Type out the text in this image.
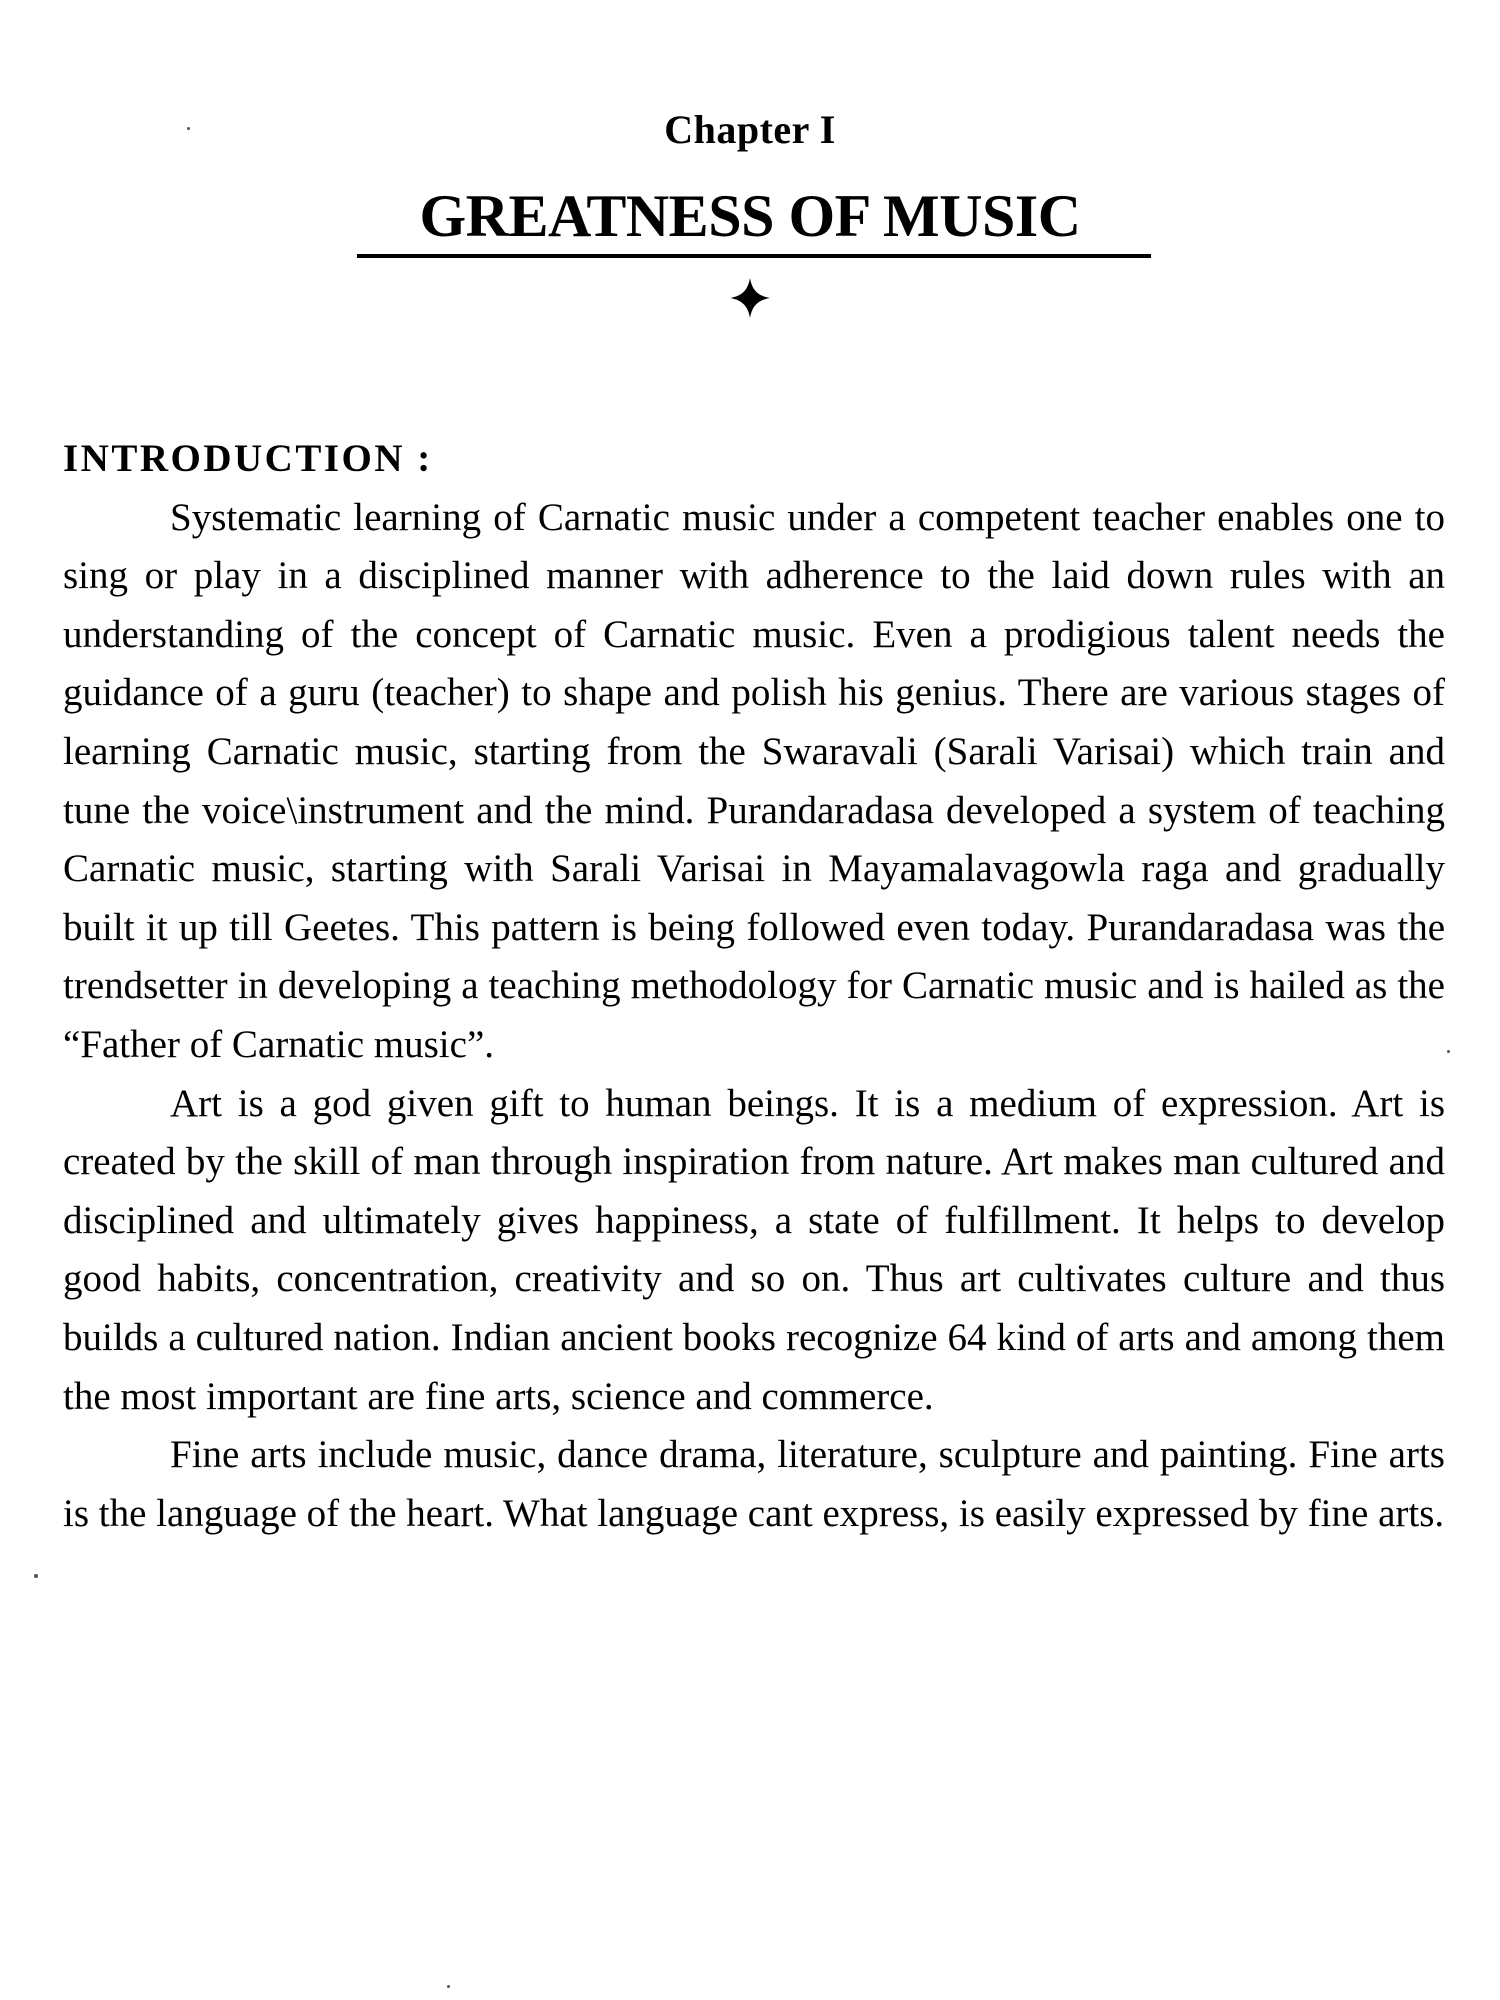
Chapter I
GREATNESS OF MUSIC
INTRODUCTION :

Systematic learning of Carnatic music under a competent teacher enables one to sing or play in a disciplined manner with adherence to the laid down rules with an understanding of the concept of Carnatic music. Even a prodigious talent needs the guidance of a guru (teacher) to shape and polish his genius. There are various stages of learning Carnatic music, starting from the Swaravali (Sarali Varisai) which train and tune the voice\instrument and the mind. Purandaradasa developed a system of teaching Carnatic music, starting with Sarali Varisai in Mayamalavagowla raga and gradually built it up till Geetes. This pattern is being followed even today. Purandaradasa was the trendsetter in developing a teaching methodology for Carnatic music and is hailed as the “Father of Carnatic music”.

Art is a god given gift to human beings. It is a medium of expression. Art is created by the skill of man through inspiration from nature. Art makes man cultured and disciplined and ultimately gives happiness, a state of fulfillment. It helps to develop good habits, concentration, creativity and so on. Thus art cultivates culture and thus builds a cultured nation. Indian ancient books recognize 64 kind of arts and among them the most important are fine arts, science and commerce.

Fine arts include music, dance drama, literature, sculpture and painting. Fine arts is the language of the heart. What language cant express, is easily expressed by fine arts.
